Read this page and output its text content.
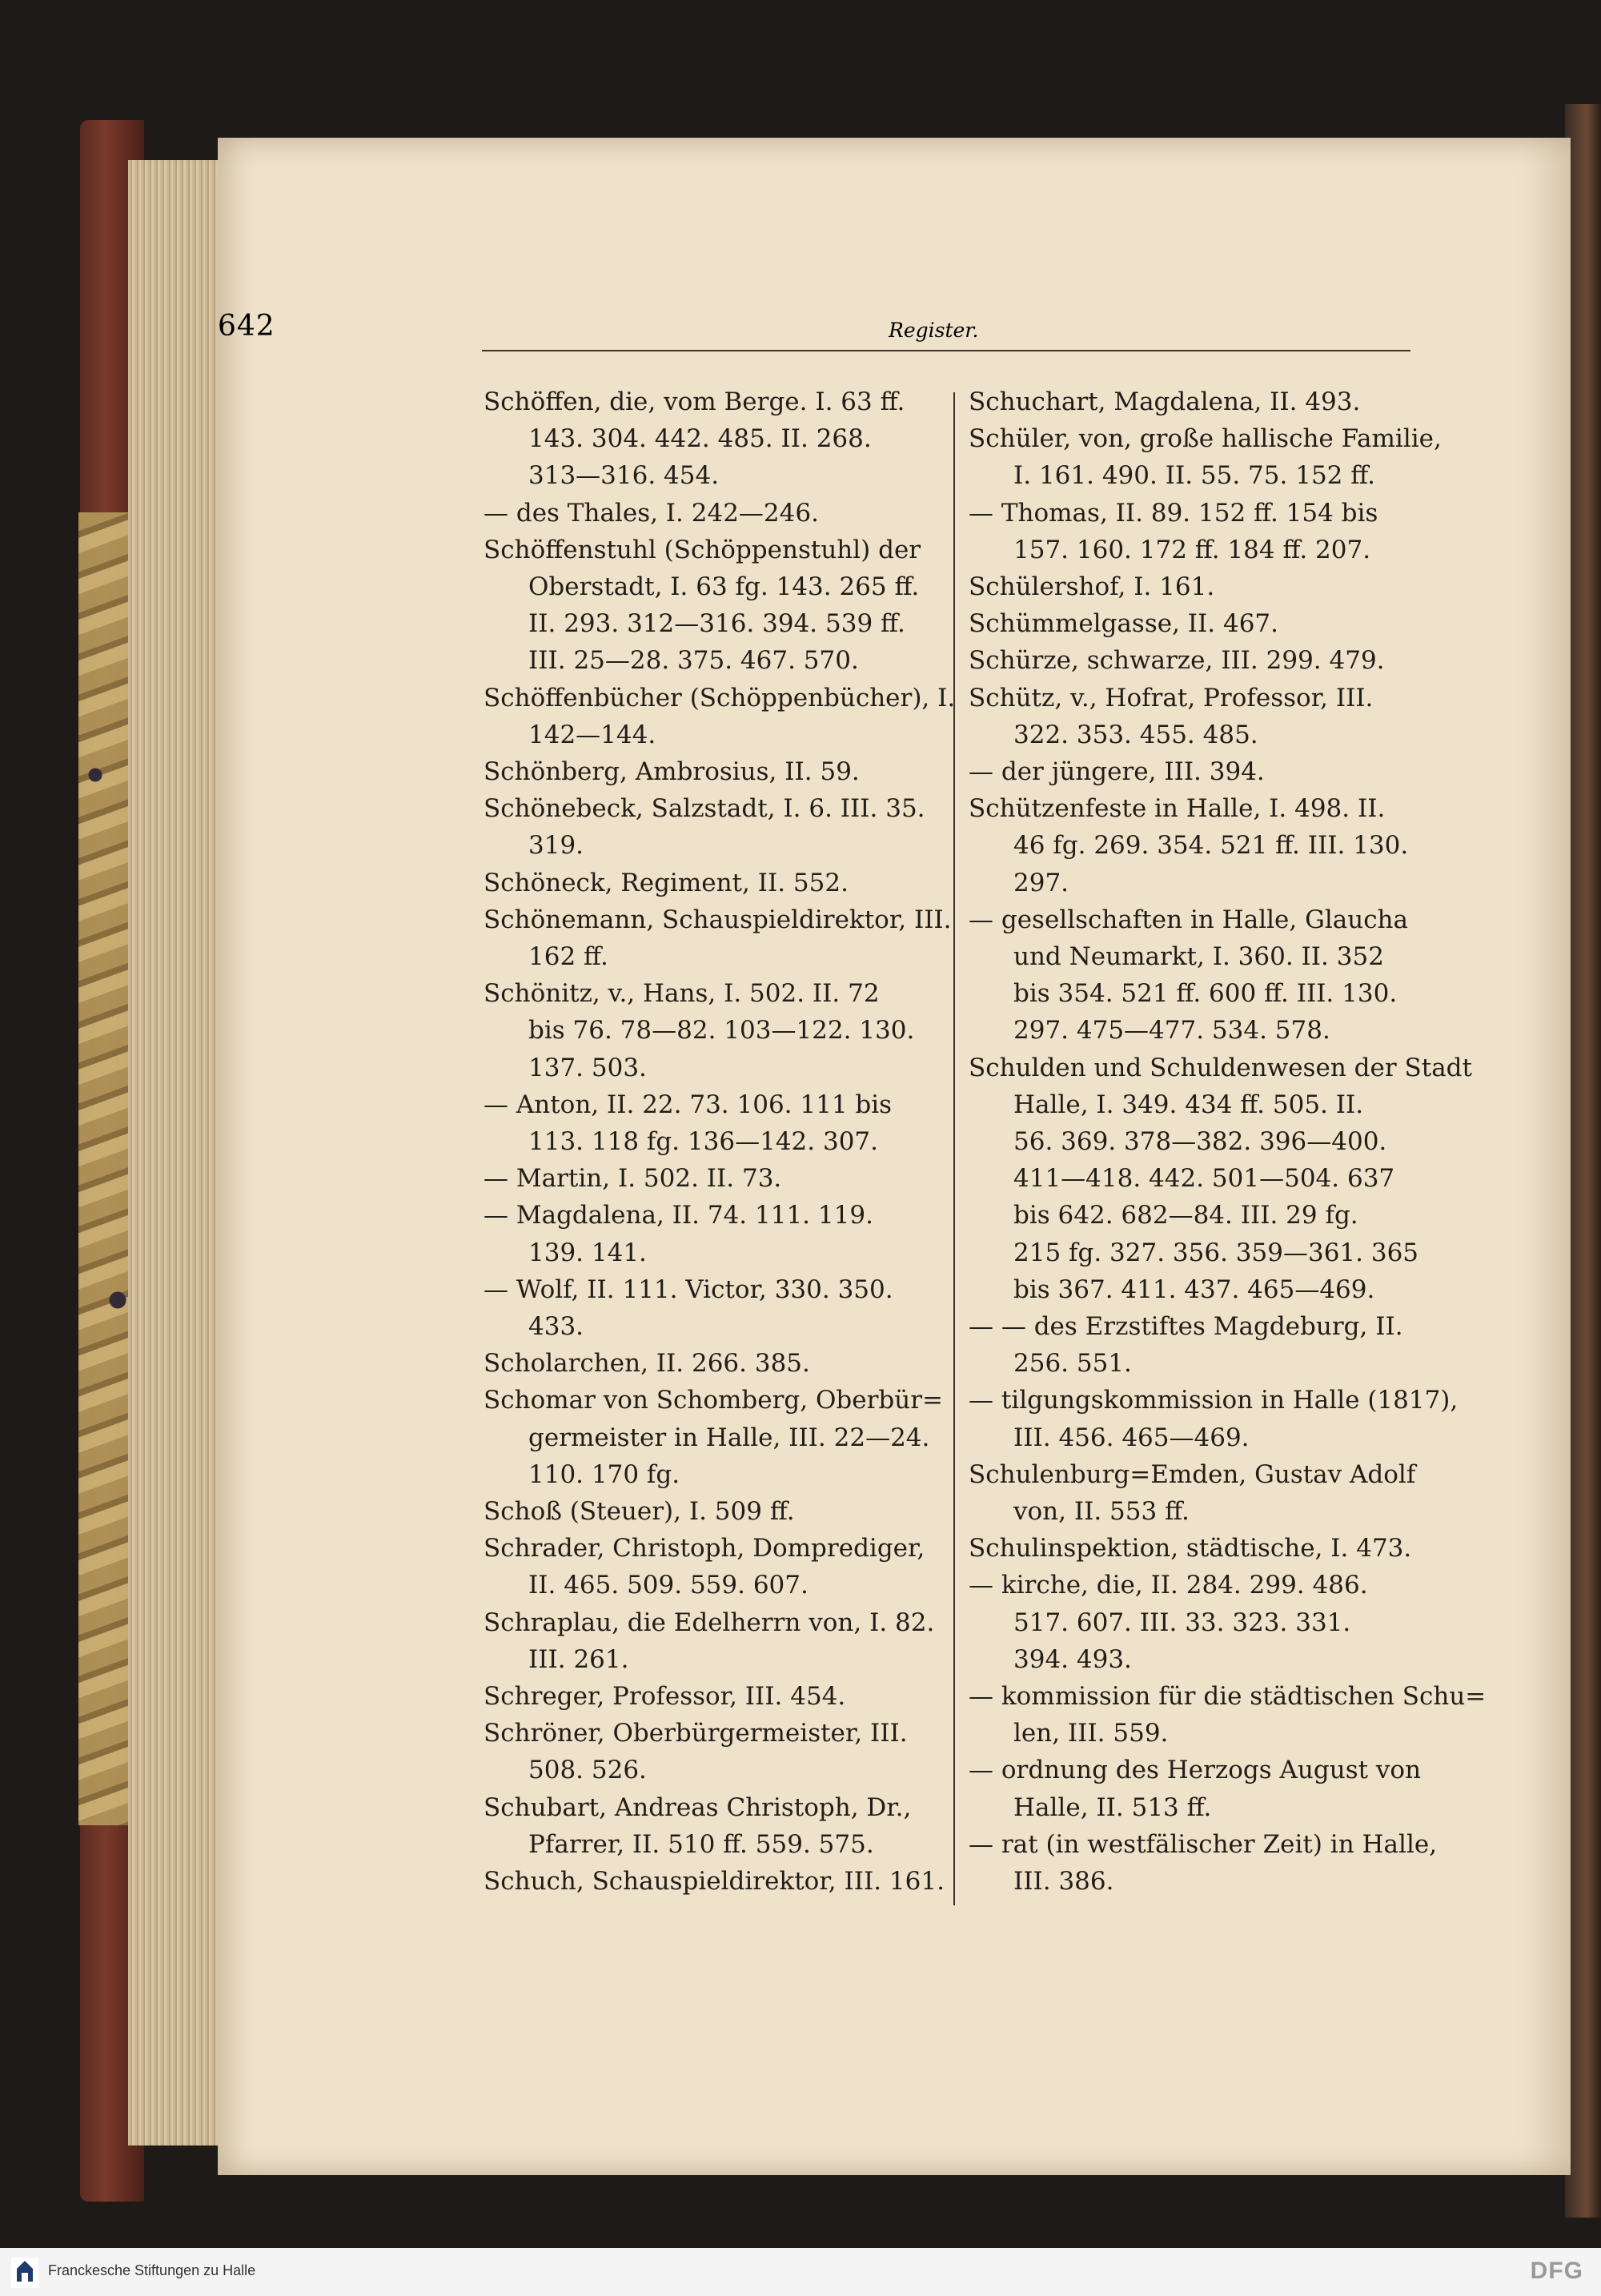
642	Register.
Schöffen, die, vom Berge. I. 63 ff.
143. 304. 442. 485. II. 268.
313—316. 454.
— des Thales, I. 242—246.
Schöffenstuhl (Schöppenstuhl) der
Oberstadt, I. 63 fg. 143. 265 ff.
II. 293. 312—316. 394. 539 ff.
III. 25—28. 375. 467. 570.
Schöffenbücher (Schöppenbücher), I.
142—144.
Schönberg, Ambrosius, II. 59.
Schönebeck, Salzstadt, I. 6. III. 35.
319.
Schöneck, Regiment, II. 552.
Schönemann, Schauspieldirektor, III.
162 ff.
Schönitz, v., Hans, I. 502. II. 72
bis 76. 78—82. 103—122. 130.
137. 503.
— Anton, II. 22. 73. 106. 111 bis
113. 118 fg. 136—142. 307.
— Martin, I. 502. II. 73.
— Magdalena, II. 74. 111. 119.
139. 141.
— Wolf, II. 111. Victor, 330. 350.
433.
Scholarchen, II. 266. 385.
Schomar von Schomberg, Oberbür=
germeister in Halle, III. 22—24.
110. 170 fg.
Schoß (Steuer), I. 509 ff.
Schrader, Christoph, Domprediger,
II. 465. 509. 559. 607.
Schraplau, die Edelherrn von, I. 82.
III. 261.
Schreger, Professor, III. 454.
Schröner, Oberbürgermeister, III.
508. 526.
Schubart, Andreas Christoph, Dr.,
Pfarrer, II. 510 ff. 559. 575.
Schuch, Schauspieldirektor, III. 161.
Schuchart, Magdalena, II. 493.
Schüler, von, große hallische Familie,
I. 161. 490. II. 55. 75. 152 ff.
— Thomas, II. 89. 152 ff. 154 bis
157. 160. 172 ff. 184 ff. 207.
Schülershof, I. 161.
Schümmelgasse, II. 467.
Schürze, schwarze, III. 299. 479.
Schütz, v., Hofrat, Professor, III.
322. 353. 455. 485.
— der jüngere, III. 394.
Schützenfeste in Halle, I. 498. II.
46 fg. 269. 354. 521 ff. III. 130.
297.
— gesellschaften in Halle, Glaucha
und Neumarkt, I. 360. II. 352
bis 354. 521 ff. 600 ff. III. 130.
297. 475—477. 534. 578.
Schulden und Schuldenwesen der Stadt
Halle, I. 349. 434 ff. 505. II.
56. 369. 378—382. 396—400.
411—418. 442. 501—504. 637
bis 642. 682—84. III. 29 fg.
215 fg. 327. 356. 359—361. 365
bis 367. 411. 437. 465—469.
— — des Erzstiftes Magdeburg, II.
256. 551.
— tilgungskommission in Halle (1817),
III. 456. 465—469.
Schulenburg=Emden, Gustav Adolf
von, II. 553 ff.
Schulinspektion, städtische, I. 473.
— kirche, die, II. 284. 299. 486.
517. 607. III. 33. 323. 331.
394. 493.
— kommission für die städtischen Schu=
len, III. 559.
— ordnung des Herzogs August von
Halle, II. 513 ff.
— rat (in westfälischer Zeit) in Halle,
III. 386.
Franckesche Stiftungen zu Halle	DFG
